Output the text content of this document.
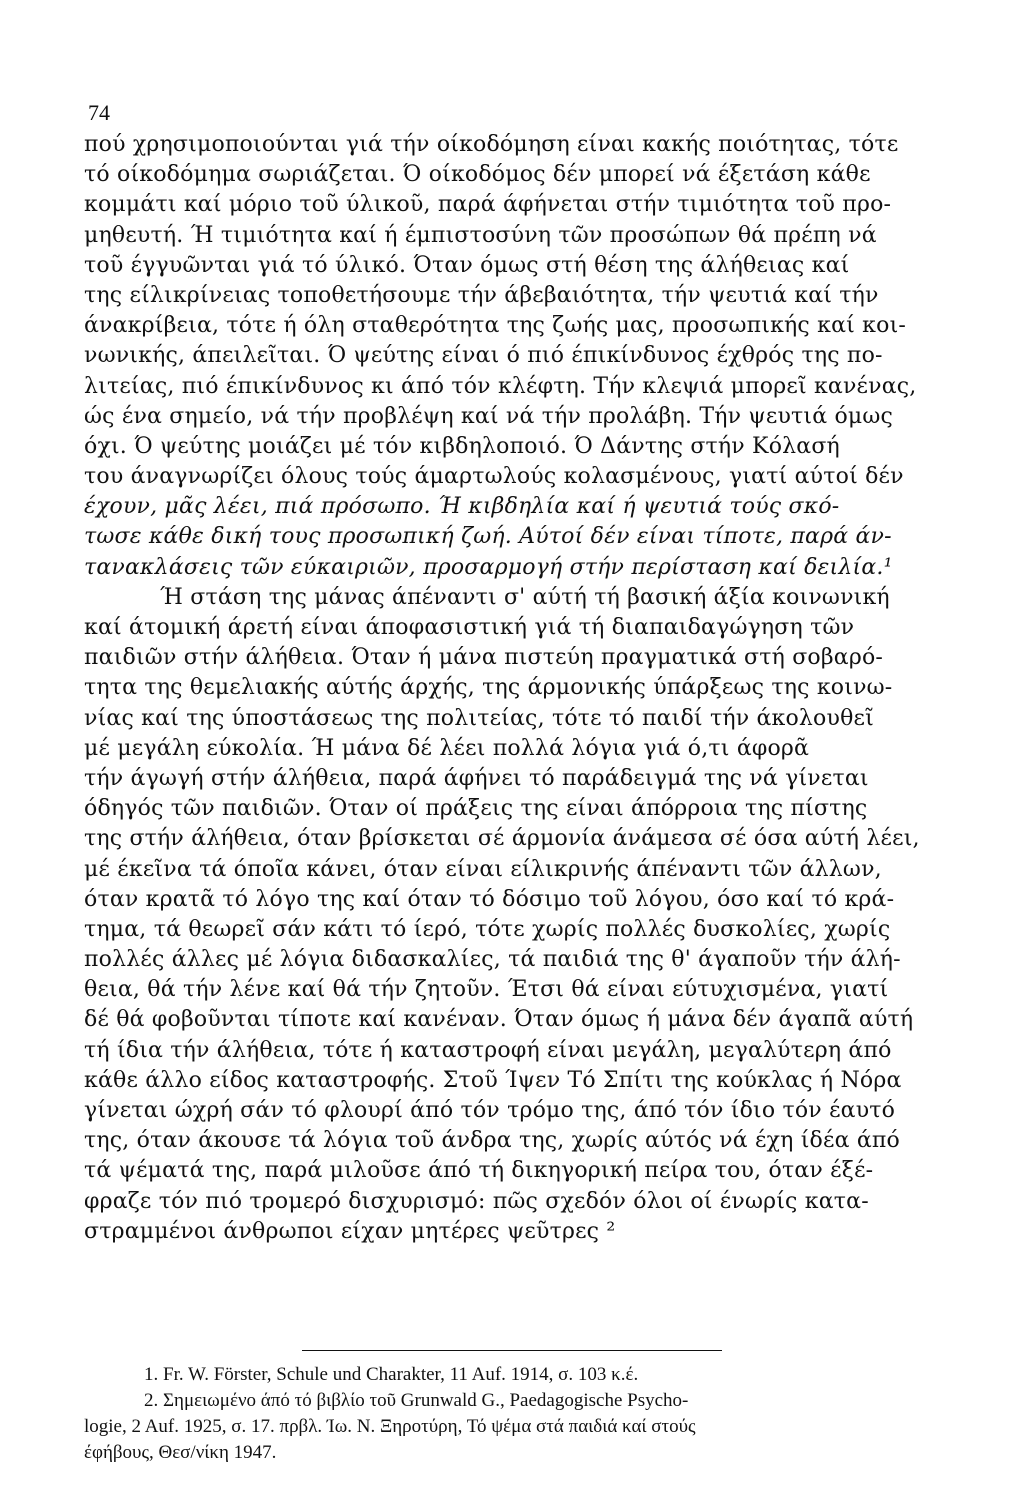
74
πού χρησιμοποιούνται γιά τήν οίκοδόμηση είναι κακής ποιότητας, τότε
τό οίκοδόμημα σωριάζεται. Ό οίκοδόμος δέν μπορεί νά έξετάση κάθε
κομμάτι καί μόριο τοῦ ύλικοῦ, παρά άφήνεται στήν τιμιότητα τοῦ προ-
μηθευτή. Ή τιμιότητα καί ή έμπιστοσύνη τῶν προσώπων θά πρέπη νά
τοῦ έγγυῶνται γιά τό ύλικό. Όταν όμως στή θέση της άλήθειας καί
της είλικρίνειας τοποθετήσουμε τήν άβεβαιότητα, τήν ψευτιά καί τήν
άνακρίβεια, τότε ή όλη σταθερότητα της ζωής μας, προσωπικής καί κοι-
νωνικής, άπειλεῖται. Ό ψεύτης είναι ό πιό έπικίνδυνος έχθρός της πο-
λιτείας, πιό έπικίνδυνος κι άπό τόν κλέφτη. Τήν κλεψιά μπορεῖ κανένας,
ώς ένα σημείο, νά τήν προβλέψη καί νά τήν προλάβη. Τήν ψευτιά όμως
όχι. Ό ψεύτης μοιάζει μέ τόν κιβδηλοποιό. Ό Δάντης στήν Κόλασή
του άναγνωρίζει όλους τούς άμαρτωλούς κολασμένους, γιατί αύτοί δέν
έχουν, μᾶς λέει, πιά πρόσωπο. Ή κιβδηλία καί ή ψευτιά τούς σκό-
τωσε κάθε δική τους προσωπική ζωή. Αύτοί δέν είναι τίποτε, παρά άν-
τανακλάσεις τῶν εύκαιριῶν, προσαρμογή στήν περίσταση καί δειλία.¹
Ή στάση της μάνας άπέναντι σ' αύτή τή βασική άξία κοινωνική
καί άτομική άρετή είναι άποφασιστική γιά τή διαπαιδαγώγηση τῶν
παιδιῶν στήν άλήθεια. Όταν ή μάνα πιστεύη πραγματικά στή σοβαρό-
τητα της θεμελιακής αύτής άρχής, της άρμονικής ύπάρξεως της κοινω-
νίας καί της ύποστάσεως της πολιτείας, τότε τό παιδί τήν άκολουθεῖ
μέ μεγάλη εύκολία. Ή μάνα δέ λέει πολλά λόγια γιά ό,τι άφορᾶ
τήν άγωγή στήν άλήθεια, παρά άφήνει τό παράδειγμά της νά γίνεται
όδηγός τῶν παιδιῶν. Όταν οί πράξεις της είναι άπόρροια της πίστης
της στήν άλήθεια, όταν βρίσκεται σέ άρμονία άνάμεσα σέ όσα αύτή λέει,
μέ έκεῖνα τά όποῖα κάνει, όταν είναι είλικρινής άπέναντι τῶν άλλων,
όταν κρατᾶ τό λόγο της καί όταν τό δόσιμο τοῦ λόγου, όσο καί τό κρά-
τημα, τά θεωρεῖ σάν κάτι τό ίερό, τότε χωρίς πολλές δυσκολίες, χωρίς
πολλές άλλες μέ λόγια διδασκαλίες, τά παιδιά της θ' άγαποῦν τήν άλή-
θεια, θά τήν λένε καί θά τήν ζητοῦν. Έτσι θά είναι εύτυχισμένα, γιατί
δέ θά φοβοῦνται τίποτε καί κανέναν. Όταν όμως ή μάνα δέν άγαπᾶ αύτή
τή ίδια τήν άλήθεια, τότε ή καταστροφή είναι μεγάλη, μεγαλύτερη άπό
κάθε άλλο είδος καταστροφής. Στοῦ Ίψεν Τό Σπίτι της κούκλας ή Νόρα
γίνεται ώχρή σάν τό φλουρί άπό τόν τρόμο της, άπό τόν ίδιο τόν έαυτό
της, όταν άκουσε τά λόγια τοῦ άνδρα της, χωρίς αύτός νά έχη ίδέα άπό
τά ψέματά της, παρά μιλοῦσε άπό τή δικηγορική πείρα του, όταν έξέ-
φραζε τόν πιό τρομερό δισχυρισμό: πῶς σχεδόν όλοι οί ένωρίς κατα-
στραμμένοι άνθρωποι είχαν μητέρες ψεῦτρες ²
1. Fr. W. Förster, Schule und Charakter, 11 Auf. 1914, σ. 103 κ.έ.
2. Σημειωμένο άπό τό βιβλίο τοῦ Grunwald G., Paedagogische Psycho-
logie, 2 Auf. 1925, σ. 17. πρβλ. Ίω. Ν. Ξηροτύρη, Τό ψέμα στά παιδιά καί στούς
έφήβους, Θεσ/νίκη 1947.
